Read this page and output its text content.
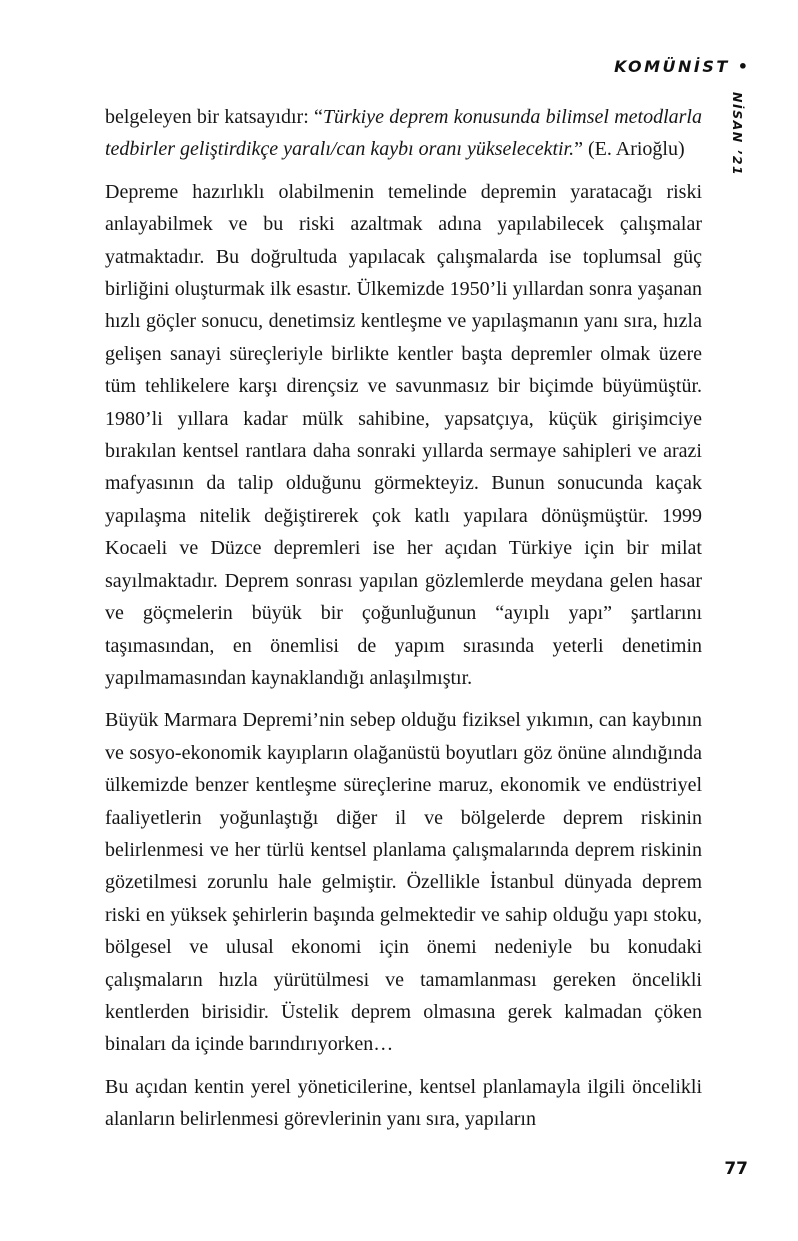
KOMÜNİST •
NİSAN ’21

belgeleyen bir katsayıdır: “Türkiye deprem konusunda bilimsel metodlarla tedbirler geliştirdikçe yaralı/can kaybı oranı yükselecektir.” (E. Arioğlu)

Depreme hazırlıklı olabilmenin temelinde depremin yaratacağı riski anlayabilmek ve bu riski azaltmak adına yapılabilecek çalışmalar yatmaktadır. Bu doğrultuda yapılacak çalışmalarda ise toplumsal güç birliğini oluşturmak ilk esastır. Ülkemizde 1950’li yıllardan sonra yaşanan hızlı göçler sonucu, denetimsiz kentleşme ve yapılaşmanın yanı sıra, hızla gelişen sanayi süreçleriyle birlikte kentler başta depremler olmak üzere tüm tehlikelere karşı dirençsiz ve savunmasız bir biçimde büyümüştür. 1980’li yıllara kadar mülk sahibine, yapsatçıya, küçük girişimciye bırakılan kentsel rantlara daha sonraki yıllarda sermaye sahipleri ve arazi mafyasının da talip olduğunu görmekteyiz. Bunun sonucunda kaçak yapılaşma nitelik değiştirerek çok katlı yapılara dönüşmüştür. 1999 Kocaeli ve Düzce depremleri ise her açıdan Türkiye için bir milat sayılmaktadır. Deprem sonrası yapılan gözlemlerde meydana gelen hasar ve göçmelerin büyük bir çoğunluğunun “ayıplı yapı” şartlarını taşımasından, en önemlisi de yapım sırasında yeterli denetimin yapılmamasından kaynaklandığı anlaşılmıştır.

Büyük Marmara Depremi’nin sebep olduğu fiziksel yıkımın, can kaybının ve sosyo-ekonomik kayıpların olağanüstü boyutları göz önüne alındığında ülkemizde benzer kentleşme süreçlerine maruz, ekonomik ve endüstriyel faaliyetlerin yoğunlaştığı diğer il ve bölgelerde deprem riskinin belirlenmesi ve her türlü kentsel planlama çalışmalarında deprem riskinin gözetilmesi zorunlu hale gelmiştir. Özellikle İstanbul dünyada deprem riski en yüksek şehirlerin başında gelmektedir ve sahip olduğu yapı stoku, bölgesel ve ulusal ekonomi için önemi nedeniyle bu konudaki çalışmaların hızla yürütülmesi ve tamamlanması gereken öncelikli kentlerden birisidir. Üstelik deprem olmasına gerek kalmadan çöken binaları da içinde barındırıyorken…

Bu açıdan kentin yerel yöneticilerine, kentsel planlamayla ilgili öncelikli alanların belirlenmesi görevlerinin yanı sıra, yapıların

77
